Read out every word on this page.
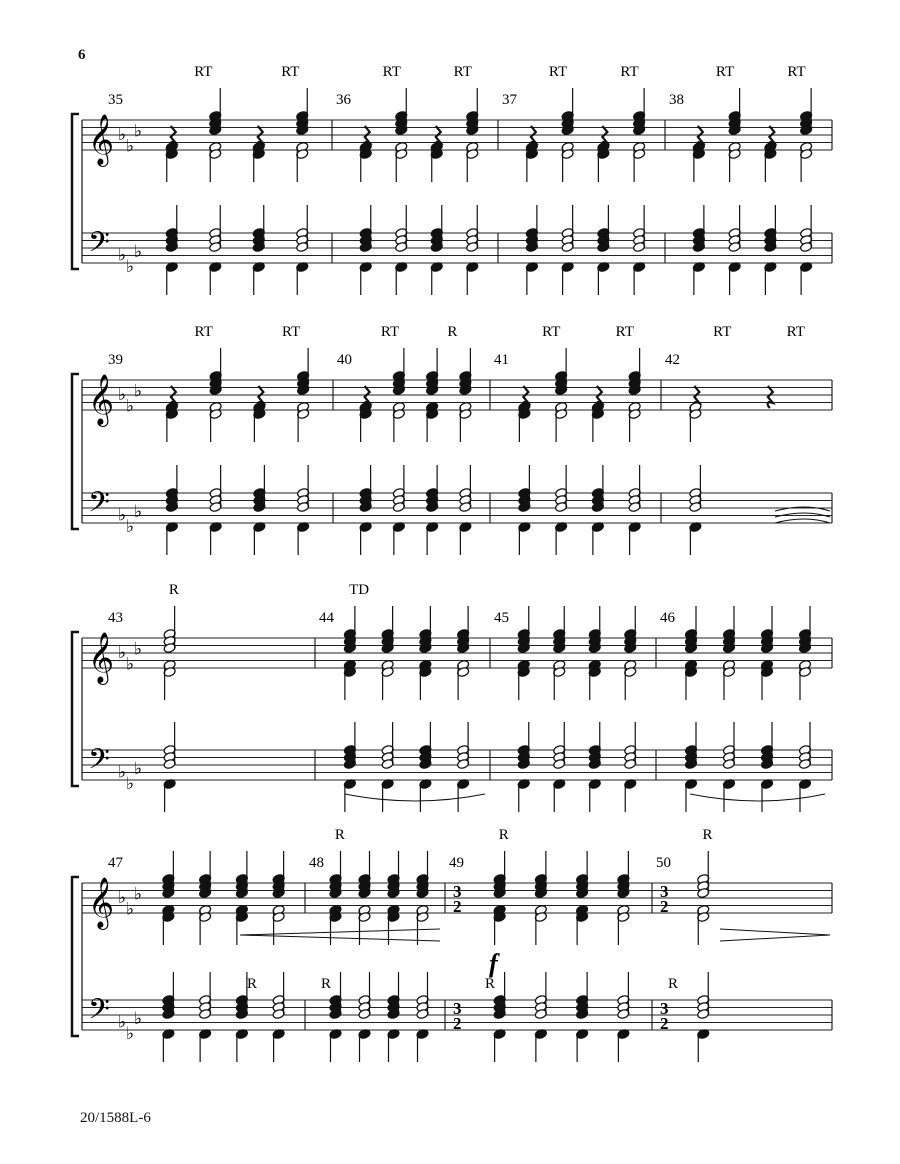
6
20/1588L-6
𝄞
𝄢
♭
♭
♭
♭
♭
♭
35
RT	RT
36
RT	RT
37
RT	RT
38
RT	RT
𝄞
𝄢
♭
♭
♭
♭
♭
♭
39
RT	RT
40
RT	R
41
RT	RT
42
RT	RT
𝄞
𝄢
♭
♭
♭
♭
♭
♭
43
R
44
TD
45	46
𝄞
𝄢
♭
♭
♭
♭
♭
♭
47	48
R
49
3
2
3
2
R
f
50
3
2
3
2
R
R	R	R	R
